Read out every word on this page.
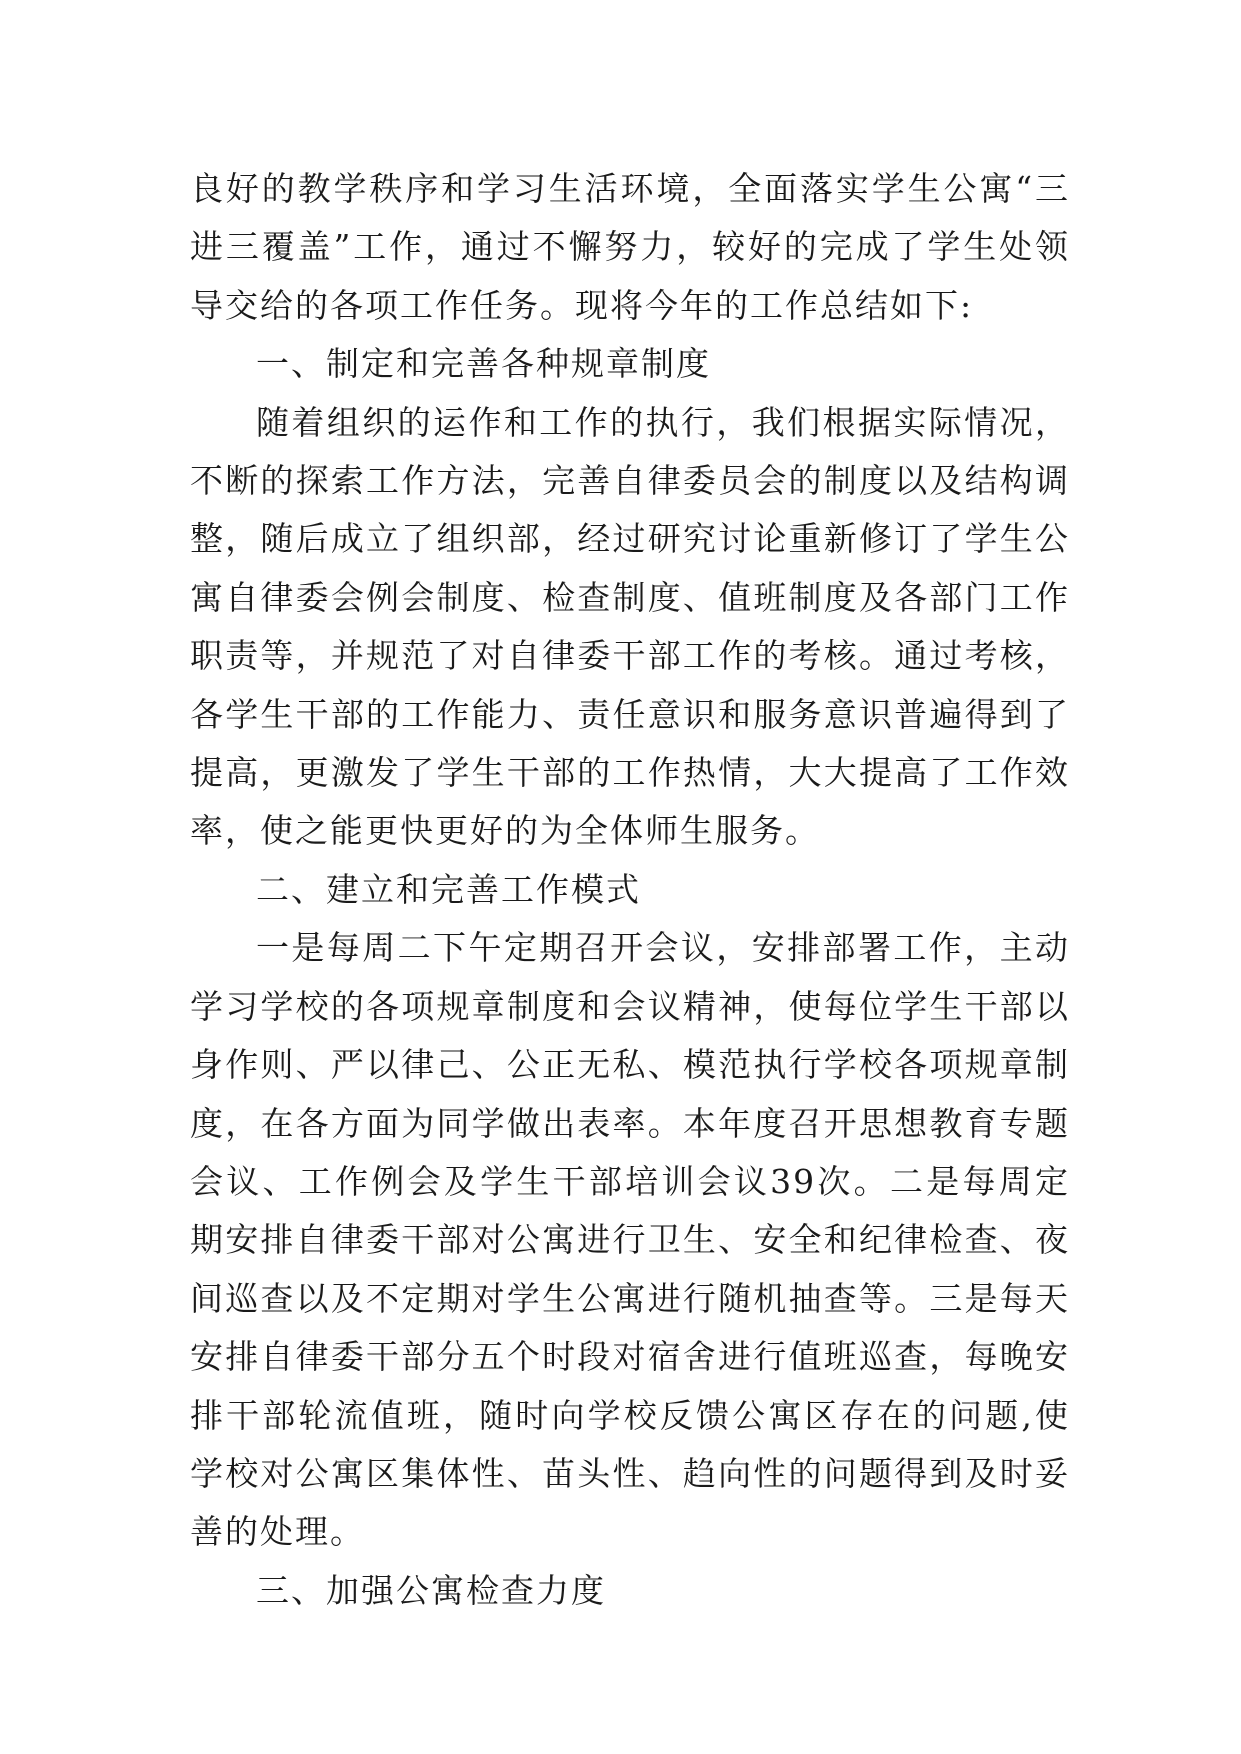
良好的教学秩序和学习生活环境，全面落实学生公寓“三进三覆盖”工作，通过不懈努力，较好的完成了学生处领导交给的各项工作任务。现将今年的工作总结如下:

一、制定和完善各种规章制度

随着组织的运作和工作的执行，我们根据实际情况，不断的探索工作方法，完善自律委员会的制度以及结构调整，随后成立了组织部，经过研究讨论重新修订了学生公寓自律委会例会制度、检查制度、值班制度及各部门工作职责等，并规范了对自律委干部工作的考核。通过考核，各学生干部的工作能力、责任意识和服务意识普遍得到了提高，更激发了学生干部的工作热情，大大提高了工作效率，使之能更快更好的为全体师生服务。

二、建立和完善工作模式

一是每周二下午定期召开会议，安排部署工作，主动学习学校的各项规章制度和会议精神，使每位学生干部以身作则、严以律己、公正无私、模范执行学校各项规章制度，在各方面为同学做出表率。本年度召开思想教育专题会议、工作例会及学生干部培训会议39次。二是每周定期安排自律委干部对公寓进行卫生、安全和纪律检查、夜间巡查以及不定期对学生公寓进行随机抽查等。三是每天安排自律委干部分五个时段对宿舍进行值班巡查，每晚安排干部轮流值班，随时向学校反馈公寓区存在的问题,使学校对公寓区集体性、苗头性、趋向性的问题得到及时妥善的处理。

三、加强公寓检查力度
